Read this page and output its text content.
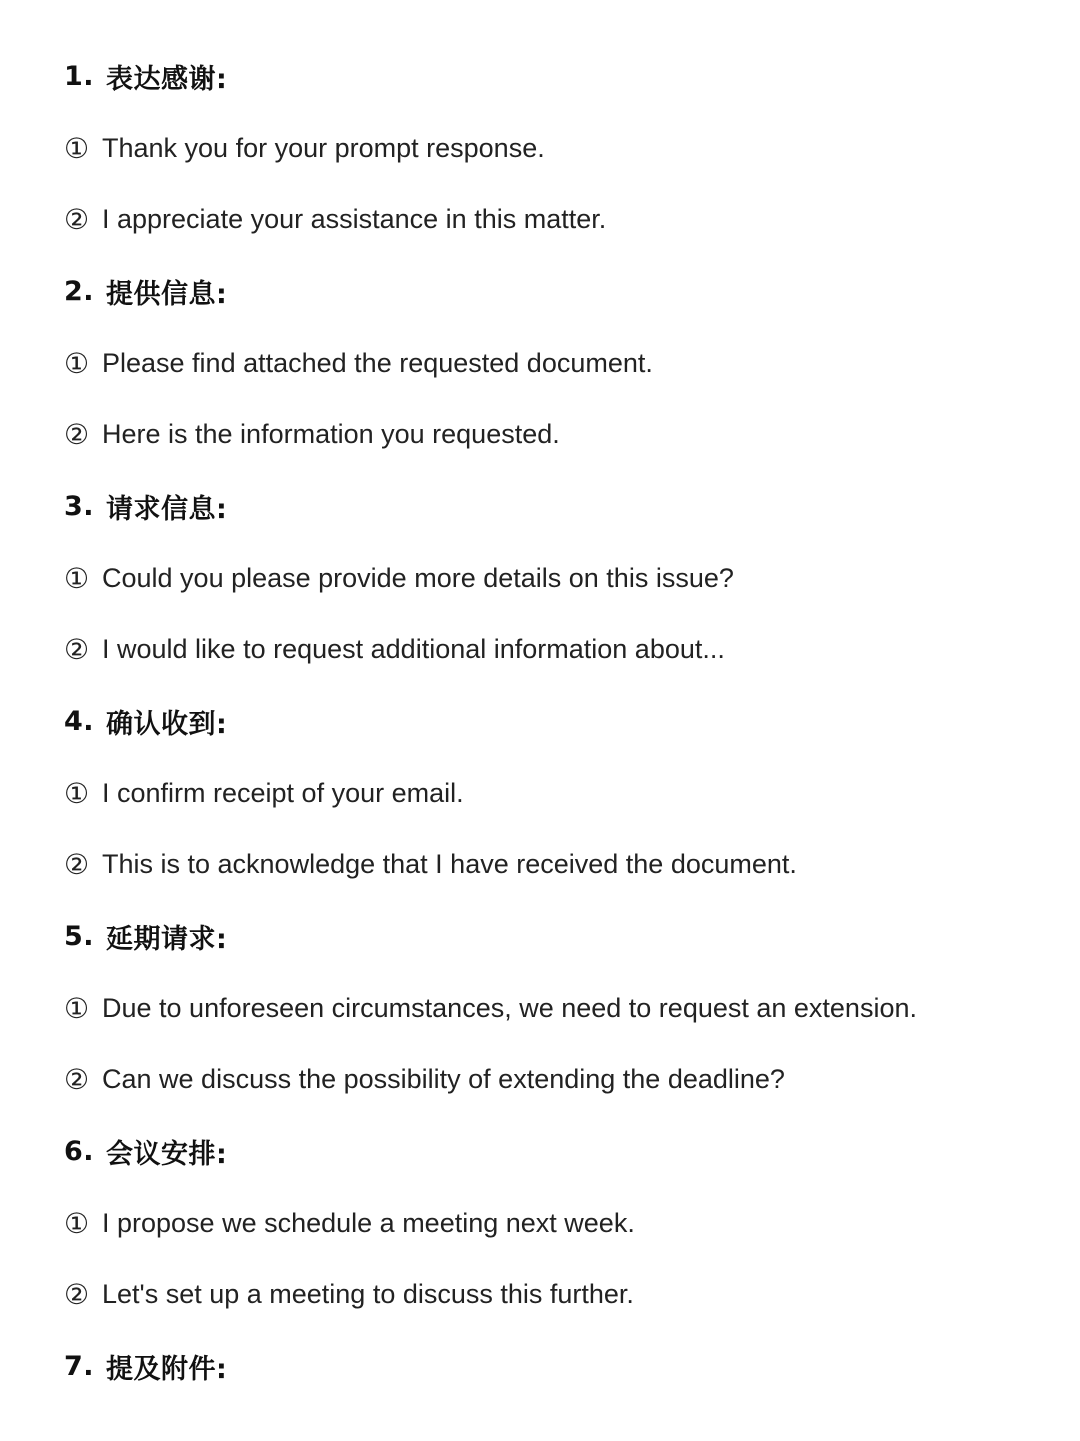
1. 表达感谢:
① Thank you for your prompt response.
② I appreciate your assistance in this matter.
2. 提供信息:
① Please find attached the requested document.
② Here is the information you requested.
3. 请求信息:
① Could you please provide more details on this issue?
② I would like to request additional information about...
4. 确认收到:
① I confirm receipt of your email.
② This is to acknowledge that I have received the document.
5. 延期请求:
① Due to unforeseen circumstances, we need to request an extension.
② Can we discuss the possibility of extending the deadline?
6. 会议安排:
① I propose we schedule a meeting next week.
② Let's set up a meeting to discuss this further.
7. 提及附件:
